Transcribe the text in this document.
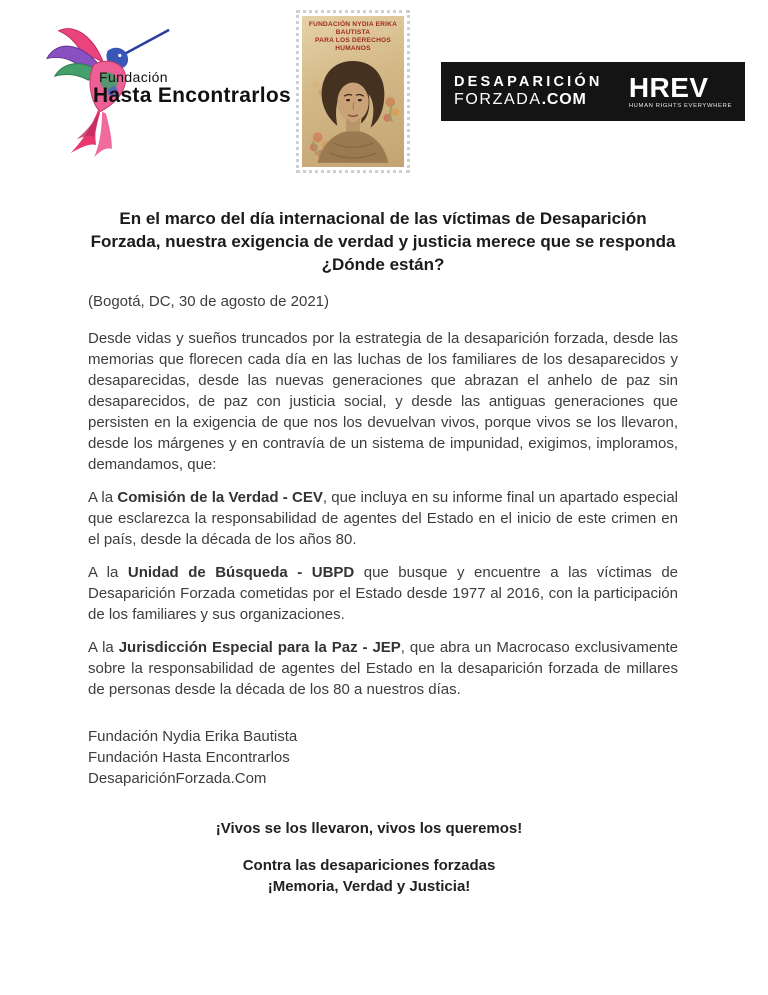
Fundación
Hasta Encontrarlos
FUNDACIÓN NYDIA ERIKA BAUTISTA
PARA LOS DERECHOS HUMANOS
DESAPARICIÓN
FORZADA.COM	HREV
HUMAN RIGHTS EVERYWHERE
En el marco del día internacional de las víctimas de Desaparición Forzada, nuestra exigencia de verdad y justicia merece que se responda ¿Dónde están?

(Bogotá, DC, 30 de agosto de 2021)

Desde vidas y sueños truncados por la estrategia de la desaparición forzada, desde las memorias que florecen cada día en las luchas de los familiares de los desaparecidos y desaparecidas, desde las nuevas generaciones que abrazan el anhelo de paz sin desaparecidos, de paz con justicia social, y desde las antiguas generaciones que persisten en la exigencia de que nos los devuelvan vivos, porque vivos se los llevaron, desde los márgenes y en contravía de un sistema de impunidad, exigimos, imploramos, demandamos, que:

A la Comisión de la Verdad - CEV, que incluya en su informe final un apartado especial que esclarezca la responsabilidad de agentes del Estado en el inicio de este crimen en el país, desde la década de los años 80.

A la Unidad de Búsqueda - UBPD que busque y encuentre a las víctimas de Desaparición Forzada cometidas por el Estado desde 1977 al 2016, con la participación de los familiares y sus organizaciones.

A la Jurisdicción Especial para la Paz - JEP, que abra un Macrocaso exclusivamente sobre la responsabilidad de agentes del Estado en la desaparición forzada de millares de personas desde la década de los 80 a nuestros días.

Fundación Nydia Erika Bautista
Fundación Hasta Encontrarlos
DesapariciónForzada.Com
¡Vivos se los llevaron, vivos los queremos!
Contra las desapariciones forzadas
¡Memoria, Verdad y Justicia!
